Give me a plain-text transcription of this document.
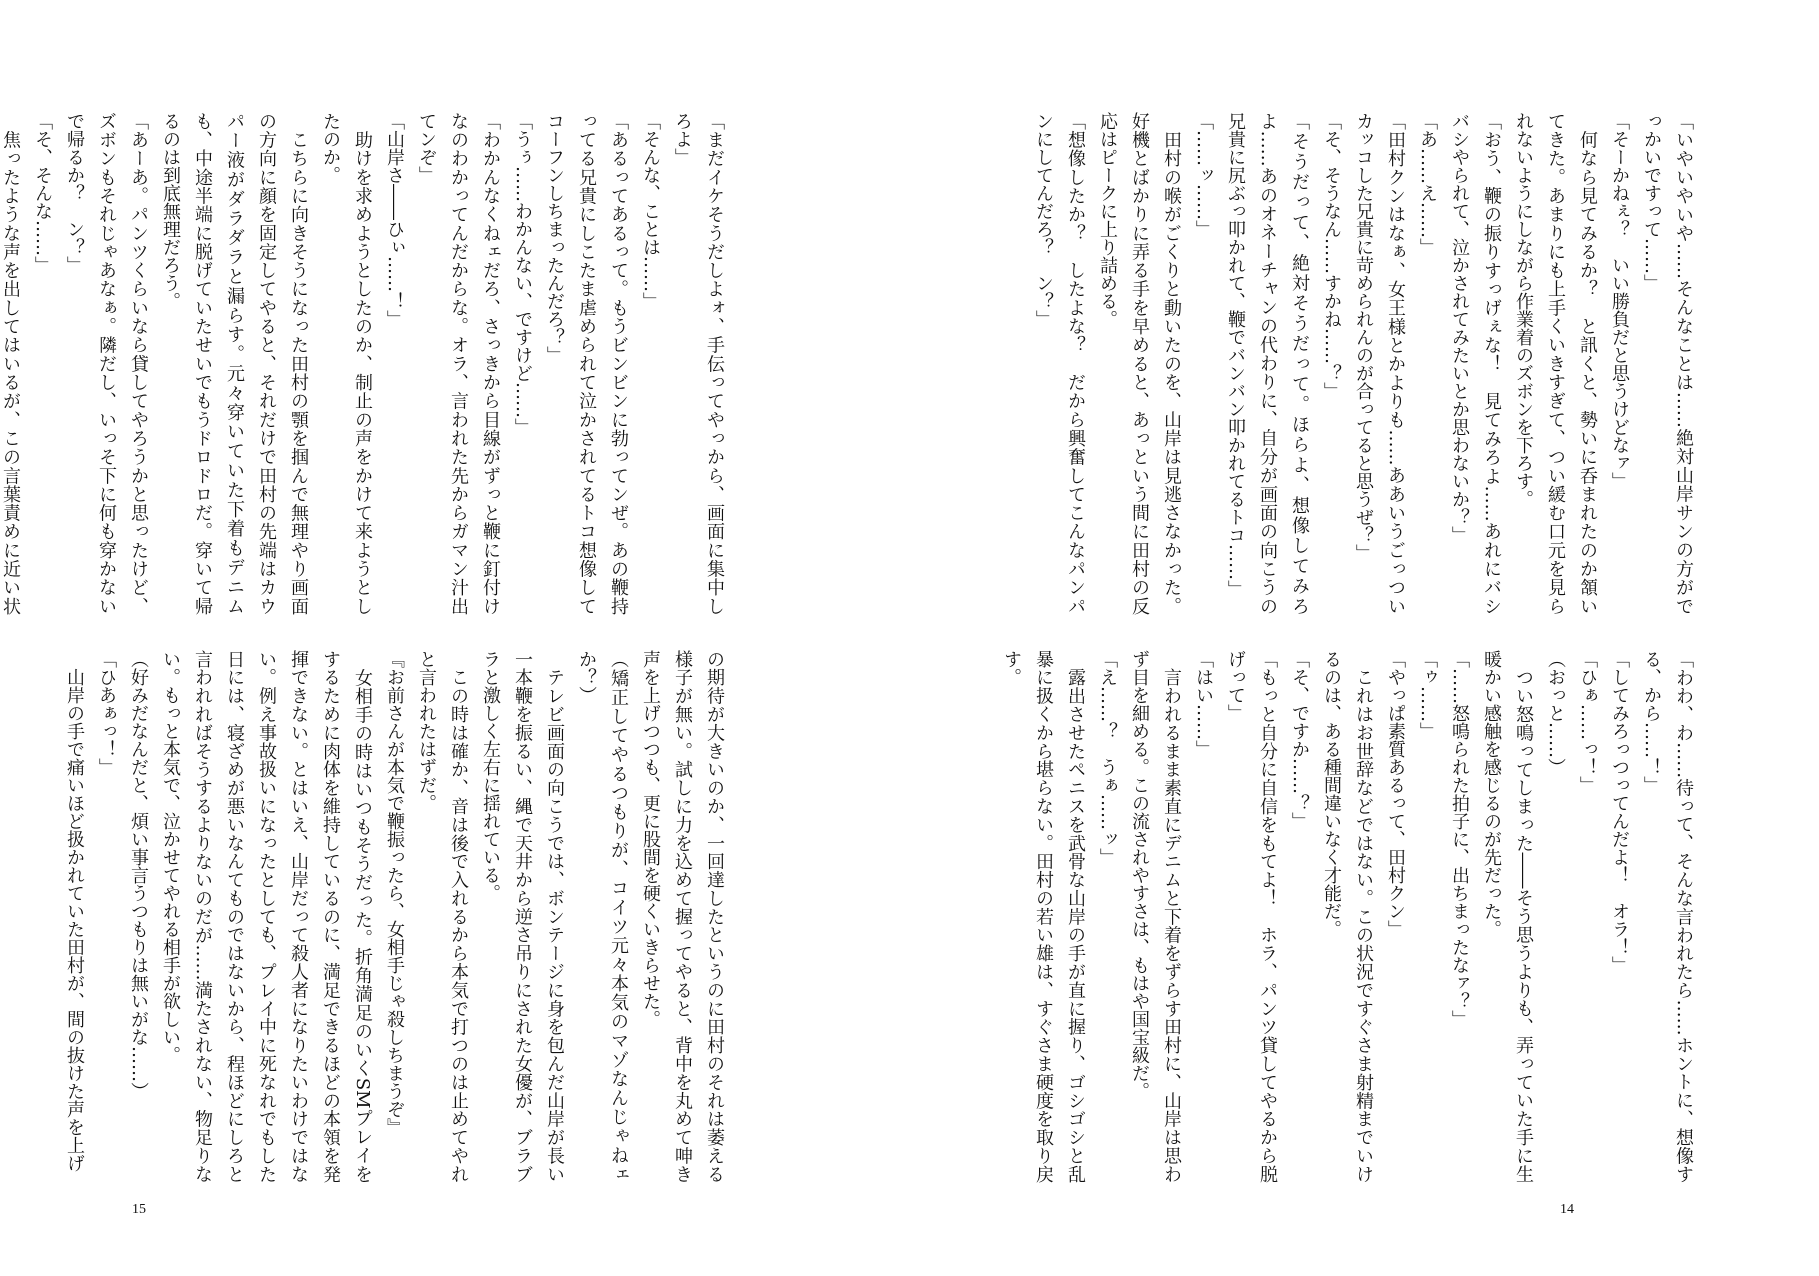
「まだイケそうだしよォ、手伝ってやっから、画面に集中しろよ」

「そんな、ことは……」

「あるってあるって。もうビンビンに勃ってンぜ。あの鞭持ってる兄貴にしこたま虐められて泣かされてるトコ想像してコーフンしちまったんだろ？」

「うぅ……わかんない、ですけど……」

「わかんなくねェだろ、さっきから目線がずっと鞭に釘付けなのわかってんだからな。オラ、言われた先からガマン汁出てンぞ」

「山岸さ――ひぃ……！」

　助けを求めようとしたのか、制止の声をかけて来ようとしたのか。

　こちらに向きそうになった田村の顎を掴んで無理やり画面の方向に顔を固定してやると、それだけで田村の先端はカウパー液がダラダラと漏らす。元々穿いていた下着もデニムも、中途半端に脱げていたせいでもうドロドロだ。穿いて帰るのは到底無理だろう。

「あーあ。パンツくらいなら貸してやろうかと思ったけど、ズボンもそれじゃあなぁ。隣だし、いっそ下に何も穿かないで帰るか？　ン？」

「そ、そんな……」

　焦ったような声を出してはいるが、この言葉責めに近い状

の期待が大きいのか、一回達したというのに田村のそれは萎える様子が無い。試しに力を込めて握ってやると、背中を丸めて呻き声を上げつつも、更に股間を硬くいきらせた。

（矯正してやるつもりが、コイツ元々本気のマゾなんじゃねェか？）

　テレビ画面の向こうでは、ボンテージに身を包んだ山岸が長い一本鞭を振るい、縄で天井から逆さ吊りにされた女優が、ブラブラと激しく左右に揺れている。

　この時は確か、音は後で入れるから本気で打つのは止めてやれと言われたはずだ。

『お前さんが本気で鞭振ったら、女相手じゃ殺しちまうぞ』

　女相手の時はいつもそうだった。折角満足のいくSMプレイをするために肉体を維持しているのに、満足できるほどの本領を発揮できない。とはいえ、山岸だって殺人者になりたいわけではない。例え事故扱いになったとしても、プレイ中に死なれでもした日には、寝ざめが悪いなんてものではないから、程ほどにしろと言われればそうするよりないのだが……満たされない、物足りない。もっと本気で、泣かせてやれる相手が欲しい。

（好みだなんだと、煩い事言うつもりは無いがな……）

「ひあぁっ！」

　山岸の手で痛いほど扱かれていた田村が、間の抜けた声を上げ

15

「いやいやいや……そんなことは……絶対山岸サンの方がでっかいですって……」

「そーかねぇ？　いい勝負だと思うけどなァ」

　何なら見てみるか？　と訊くと、勢いに呑まれたのか頷いてきた。あまりにも上手くいきすぎて、つい緩む口元を見られないようにしながら作業着のズボンを下ろす。

「おう、鞭の振りすっげぇな！　見てみろよ……あれにバシバシやられて、泣かされてみたいとか思わないか？」

「あ……え……」

「田村クンはなぁ、女王様とかよりも……ああいうごっついカッコした兄貴に苛められんのが合ってると思うぜ？」

「そ、そうなん……すかね……？」

「そうだって、絶対そうだって。ほらよ、想像してみろよ……あのオネーチャンの代わりに、自分が画面の向こうの兄貴に尻ぶっ叩かれて、鞭でバンバン叩かれてるトコ……」

「……ッ……」

　田村の喉がごくりと動いたのを、山岸は見逃さなかった。好機とばかりに弄る手を早めると、あっという間に田村の反応はピークに上り詰める。

「想像したか？　したよな？　だから興奮してこんなパンパンにしてんだろ？　ン？」

「わわ、わ……待って、そんな言われたら……ホントに、想像する、から……！」

「してみろっつってんだよ！　オラ！」

「ひぁ……っ！」

（おっと……）

　つい怒鳴ってしまった――そう思うよりも、弄っていた手に生暖かい感触を感じるのが先だった。

「……怒鳴られた拍子に、出ちまったなァ？」

「ゥ……」

「やっぱ素質あるって、田村クン」

　これはお世辞などではない。この状況ですぐさま射精までいけるのは、ある種間違いなく才能だ。

「そ、ですか……？」

「もっと自分に自信をもてよ！　ホラ、パンツ貸してやるから脱げって」

「はい……」

　言われるまま素直にデニムと下着をずらす田村に、山岸は思わず目を細める。この流されやすさは、もはや国宝級だ。

「え……？　うぁ……ッ」

　露出させたペニスを武骨な山岸の手が直に握り、ゴシゴシと乱暴に扱くから堪らない。田村の若い雄は、すぐさま硬度を取り戻す。

14
